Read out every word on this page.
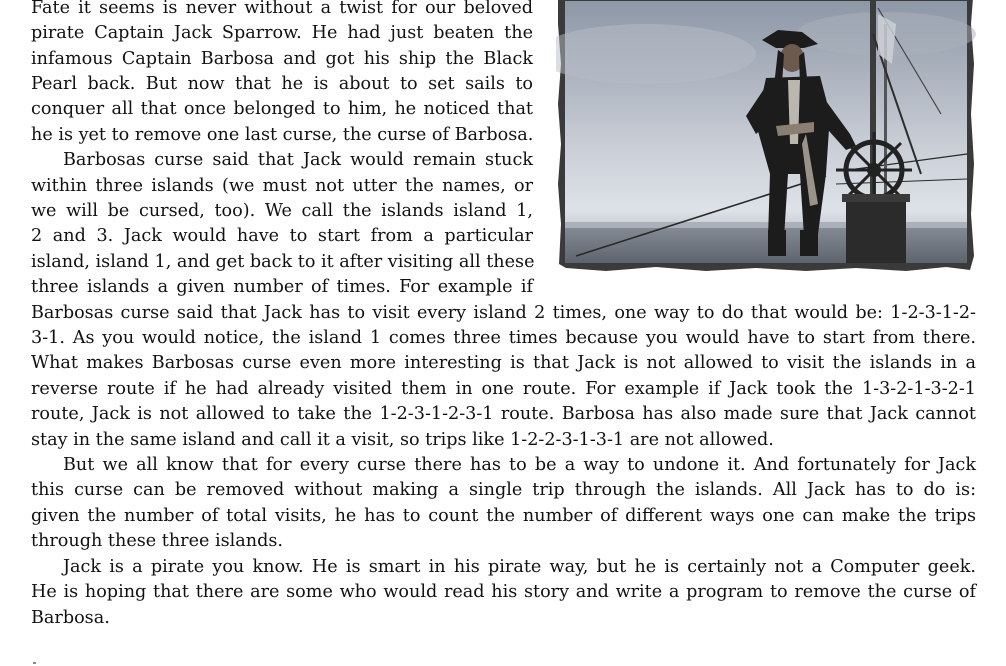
Fate it seems is never without a twist for our beloved

pirate Captain Jack Sparrow. He had just beaten the

infamous Captain Barbosa and got his ship the Black

Pearl back. But now that he is about to set sails to

conquer all that once belonged to him, he noticed that

he is yet to remove one last curse, the curse of Barbosa.

Barbosas curse said that Jack would remain stuck

within three islands (we must not utter the names, or

we will be cursed, too). We call the islands island 1,

2 and 3. Jack would have to start from a particular

island, island 1, and get back to it after visiting all these

three islands a given number of times. For example if

Barbosas curse said that Jack has to visit every island 2 times, one way to do that would be: 1-2-3-1-2-

3-1. As you would notice, the island 1 comes three times because you would have to start from there.

What makes Barbosas curse even more interesting is that Jack is not allowed to visit the islands in a

reverse route if he had already visited them in one route. For example if Jack took the 1-3-2-1-3-2-1

route, Jack is not allowed to take the 1-2-3-1-2-3-1 route. Barbosa has also made sure that Jack cannot

stay in the same island and call it a visit, so trips like 1-2-2-3-1-3-1 are not allowed.

But we all know that for every curse there has to be a way to undone it. And fortunately for Jack

this curse can be removed without making a single trip through the islands. All Jack has to do is:

given the number of total visits, he has to count the number of different ways one can make the trips

through these three islands.

Jack is a pirate you know. He is smart in his pirate way, but he is certainly not a Computer geek.

He is hoping that there are some who would read his story and write a program to remove the curse of

Barbosa.
